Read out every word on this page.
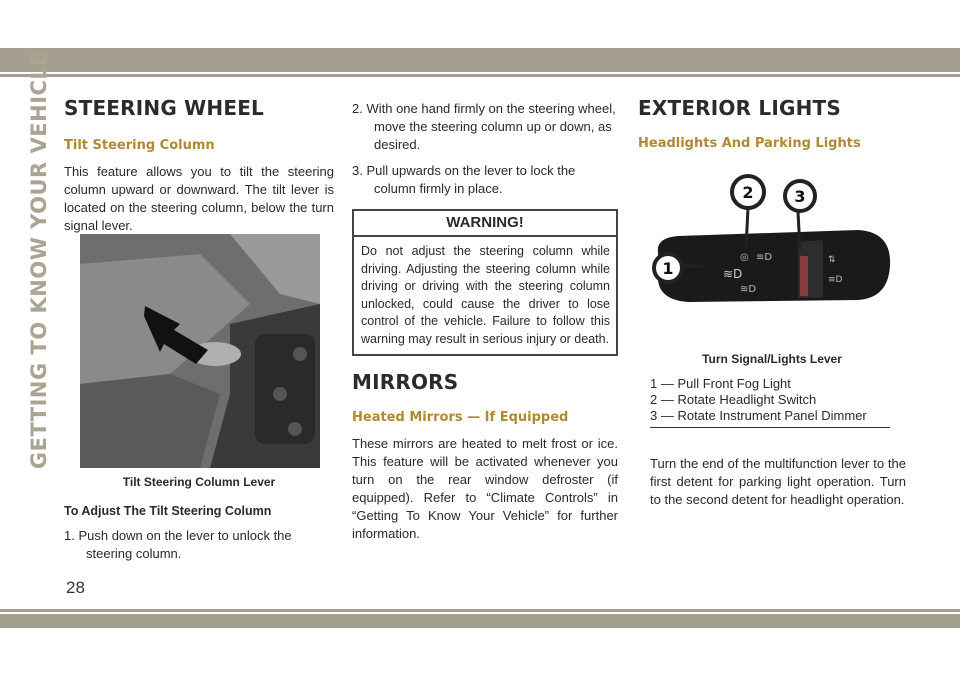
GETTING TO KNOW YOUR VEHICLE
28
STEERING WHEEL
Tilt Steering Column

This feature allows you to tilt the steering column upward or downward. The tilt lever is located on the steering column, below the turn signal lever.

Tilt Steering Column Lever
To Adjust The Tilt Steering Column
1. Push down on the lever to unlock the steering column.
2. With one hand firmly on the steering wheel, move the steering column up or down, as desired.
3. Pull upwards on the lever to lock the column firmly in place.
WARNING!
Do not adjust the steering column while driving. Adjusting the steering column while driving or driving with the steering column unlocked, could cause the driver to lose control of the vehicle. Failure to follow this warning may result in serious injury or death.
MIRRORS
Heated Mirrors — If Equipped

These mirrors are heated to melt frost or ice. This feature will be activated whenever you turn on the rear window defroster (if equipped). Refer to “Climate Controls” in “Getting To Know Your Vehicle” for further information.

EXTERIOR LIGHTS
Headlights And Parking Lights
≋D
◎ ≡D
≋D
⇅
≡D
2	3
1
Turn Signal/Lights Lever
1 — Pull Front Fog Light
2 — Rotate Headlight Switch
3 — Rotate Instrument Panel Dimmer

Turn the end of the multifunction lever to the first detent for parking light operation. Turn to the second detent for headlight operation.
